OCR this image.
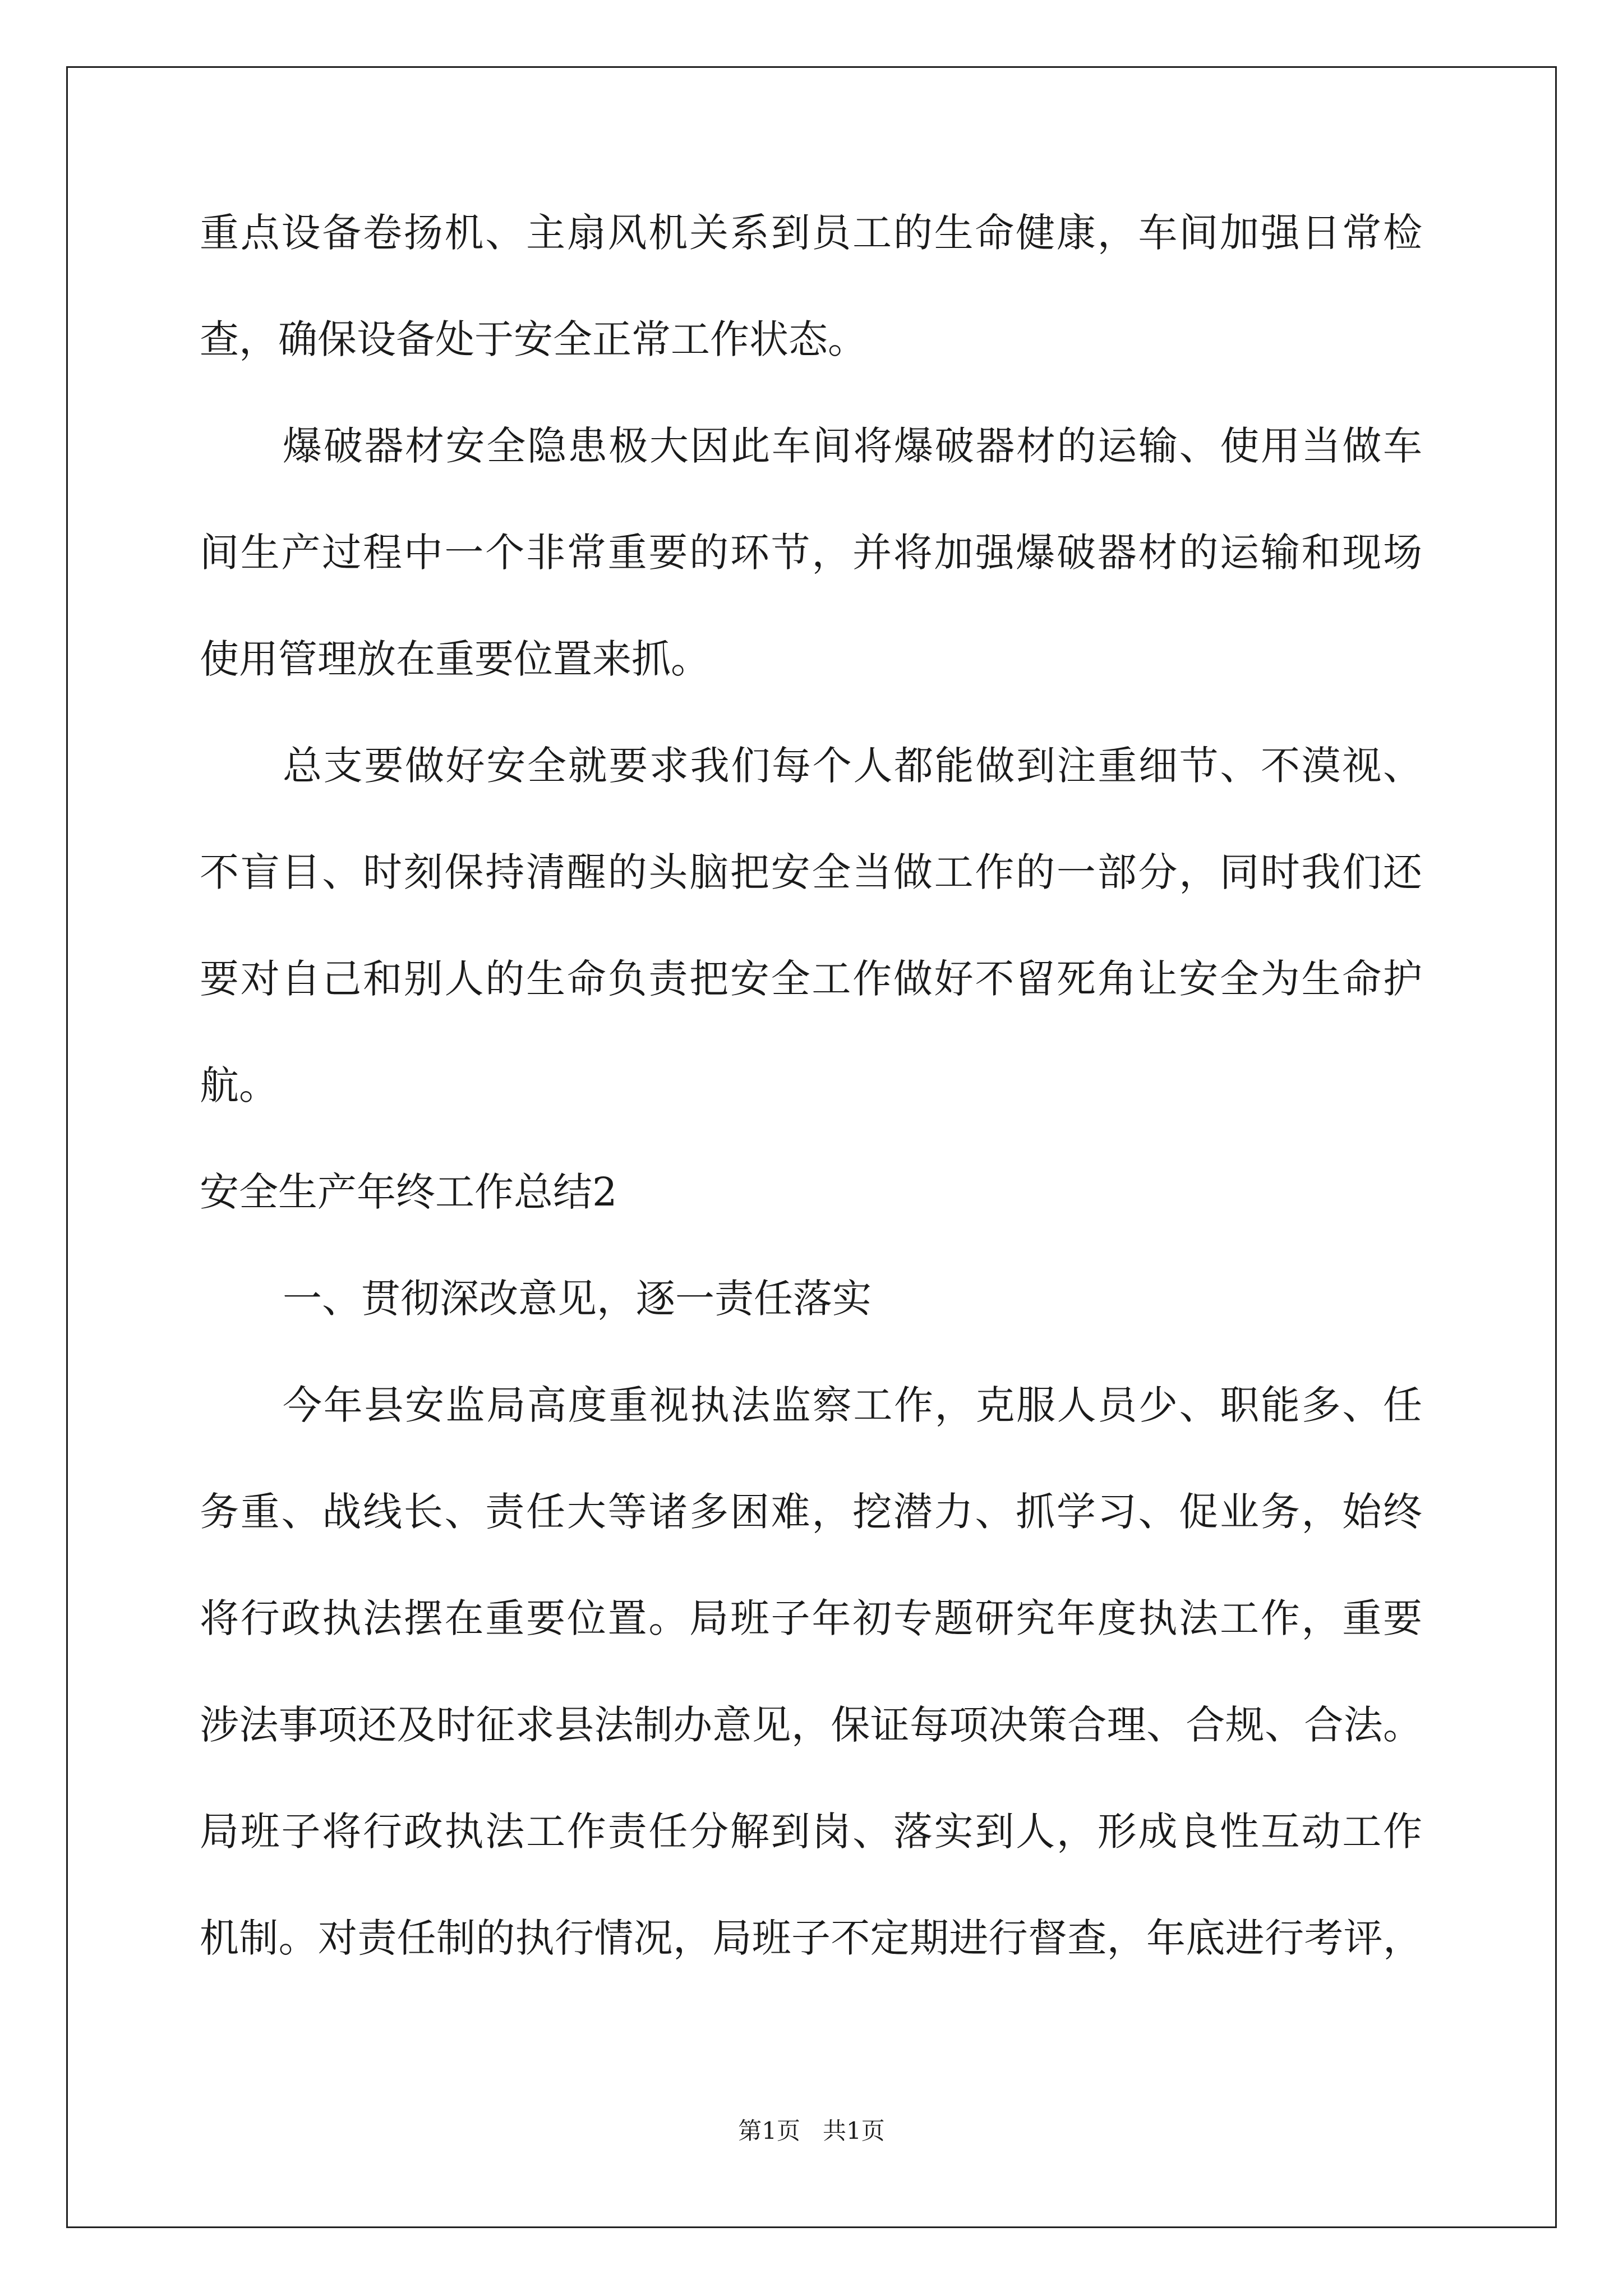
重点设备卷扬机、主扇风机关系到员工的生命健康，车间加强日常检

查，确保设备处于安全正常工作状态。

爆破器材安全隐患极大因此车间将爆破器材的运输、使用当做车

间生产过程中一个非常重要的环节，并将加强爆破器材的运输和现场

使用管理放在重要位置来抓。

总支要做好安全就要求我们每个人都能做到注重细节、不漠视、

不盲目、时刻保持清醒的头脑把安全当做工作的一部分，同时我们还

要对自己和别人的生命负责把安全工作做好不留死角让安全为生命护

航。

安全生产年终工作总结2

一、贯彻深改意见，逐一责任落实

今年县安监局高度重视执法监察工作，克服人员少、职能多、任

务重、战线长、责任大等诸多困难，挖潜力、抓学习、促业务，始终

将行政执法摆在重要位置。局班子年初专题研究年度执法工作，重要

涉法事项还及时征求县法制办意见，保证每项决策合理、合规、合法。

局班子将行政执法工作责任分解到岗、落实到人，形成良性互动工作

机制。对责任制的执行情况，局班子不定期进行督查，年底进行考评，

第1页   共1页
